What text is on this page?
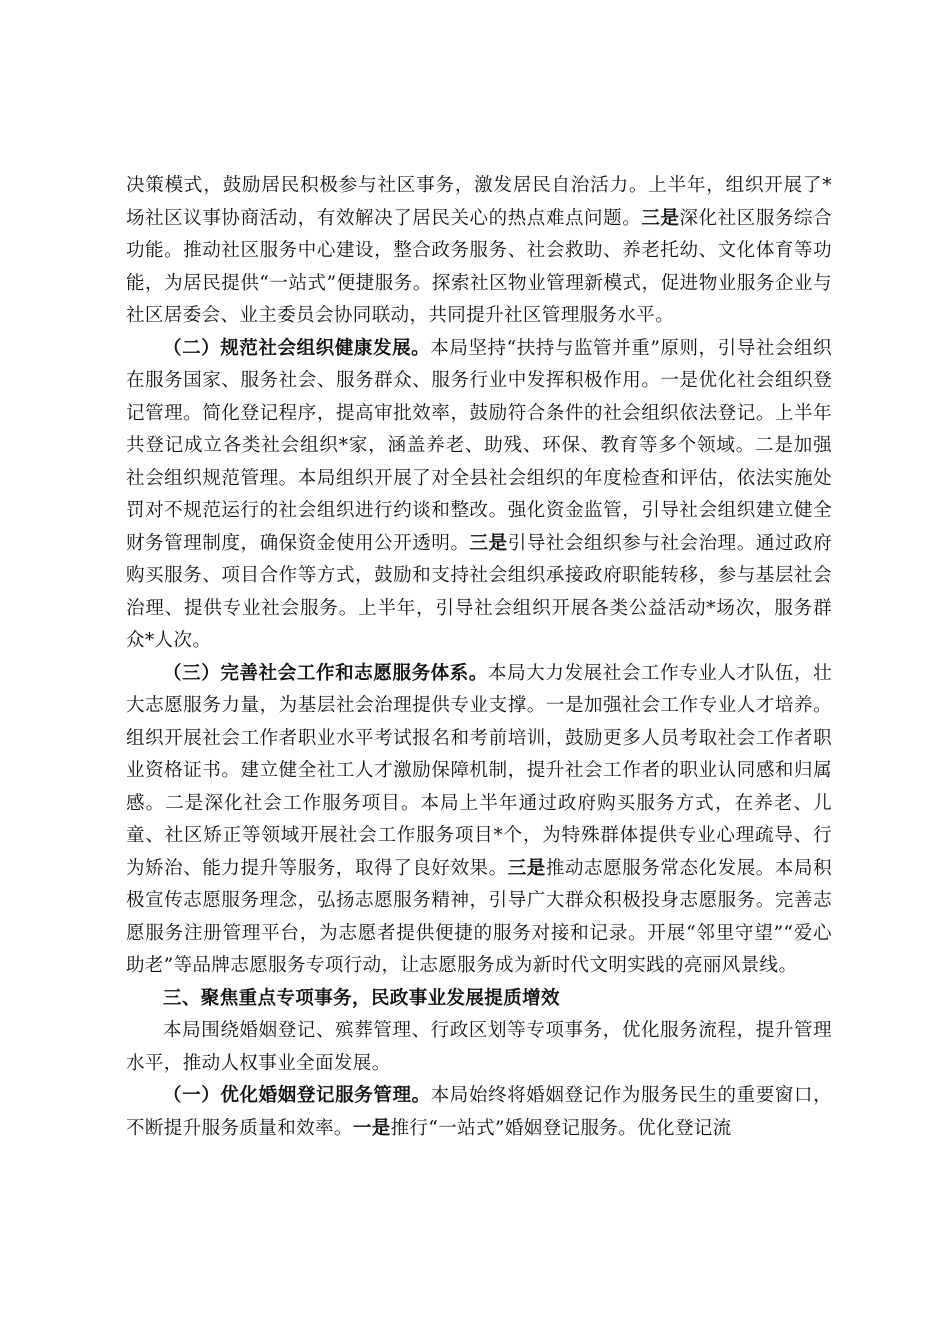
决策模式，鼓励居民积极参与社区事务，激发居民自治活力。上半年，组织开展了*场社区议事协商活动，有效解决了居民关心的热点难点问题。三是深化社区服务综合功能。推动社区服务中心建设，整合政务服务、社会救助、养老托幼、文化体育等功能，为居民提供“一站式”便捷服务。探索社区物业管理新模式，促进物业服务企业与社区居委会、业主委员会协同联动，共同提升社区管理服务水平。

（二）规范社会组织健康发展。本局坚持“扶持与监管并重”原则，引导社会组织在服务国家、服务社会、服务群众、服务行业中发挥积极作用。一是优化社会组织登记管理。简化登记程序，提高审批效率，鼓励符合条件的社会组织依法登记。上半年共登记成立各类社会组织*家，涵盖养老、助残、环保、教育等多个领域。二是加强社会组织规范管理。本局组织开展了对全县社会组织的年度检查和评估，依法实施处罚对不规范运行的社会组织进行约谈和整改。强化资金监管，引导社会组织建立健全财务管理制度，确保资金使用公开透明。三是引导社会组织参与社会治理。通过政府购买服务、项目合作等方式，鼓励和支持社会组织承接政府职能转移，参与基层社会治理、提供专业社会服务。上半年，引导社会组织开展各类公益活动*场次，服务群众*人次。

（三）完善社会工作和志愿服务体系。本局大力发展社会工作专业人才队伍，壮大志愿服务力量，为基层社会治理提供专业支撑。一是加强社会工作专业人才培养。组织开展社会工作者职业水平考试报名和考前培训，鼓励更多人员考取社会工作者职业资格证书。建立健全社工人才激励保障机制，提升社会工作者的职业认同感和归属感。二是深化社会工作服务项目。本局上半年通过政府购买服务方式，在养老、儿童、社区矫正等领域开展社会工作服务项目*个，为特殊群体提供专业心理疏导、行为矫治、能力提升等服务，取得了良好效果。三是推动志愿服务常态化发展。本局积极宣传志愿服务理念，弘扬志愿服务精神，引导广大群众积极投身志愿服务。完善志愿服务注册管理平台，为志愿者提供便捷的服务对接和记录。开展“邻里守望”“爱心助老”等品牌志愿服务专项行动，让志愿服务成为新时代文明实践的亮丽风景线。

三、聚焦重点专项事务，民政事业发展提质增效

本局围绕婚姻登记、殡葬管理、行政区划等专项事务，优化服务流程，提升管理水平，推动人权事业全面发展。

（一）优化婚姻登记服务管理。本局始终将婚姻登记作为服务民生的重要窗口，不断提升服务质量和效率。一是推行“一站式”婚姻登记服务。优化登记流
